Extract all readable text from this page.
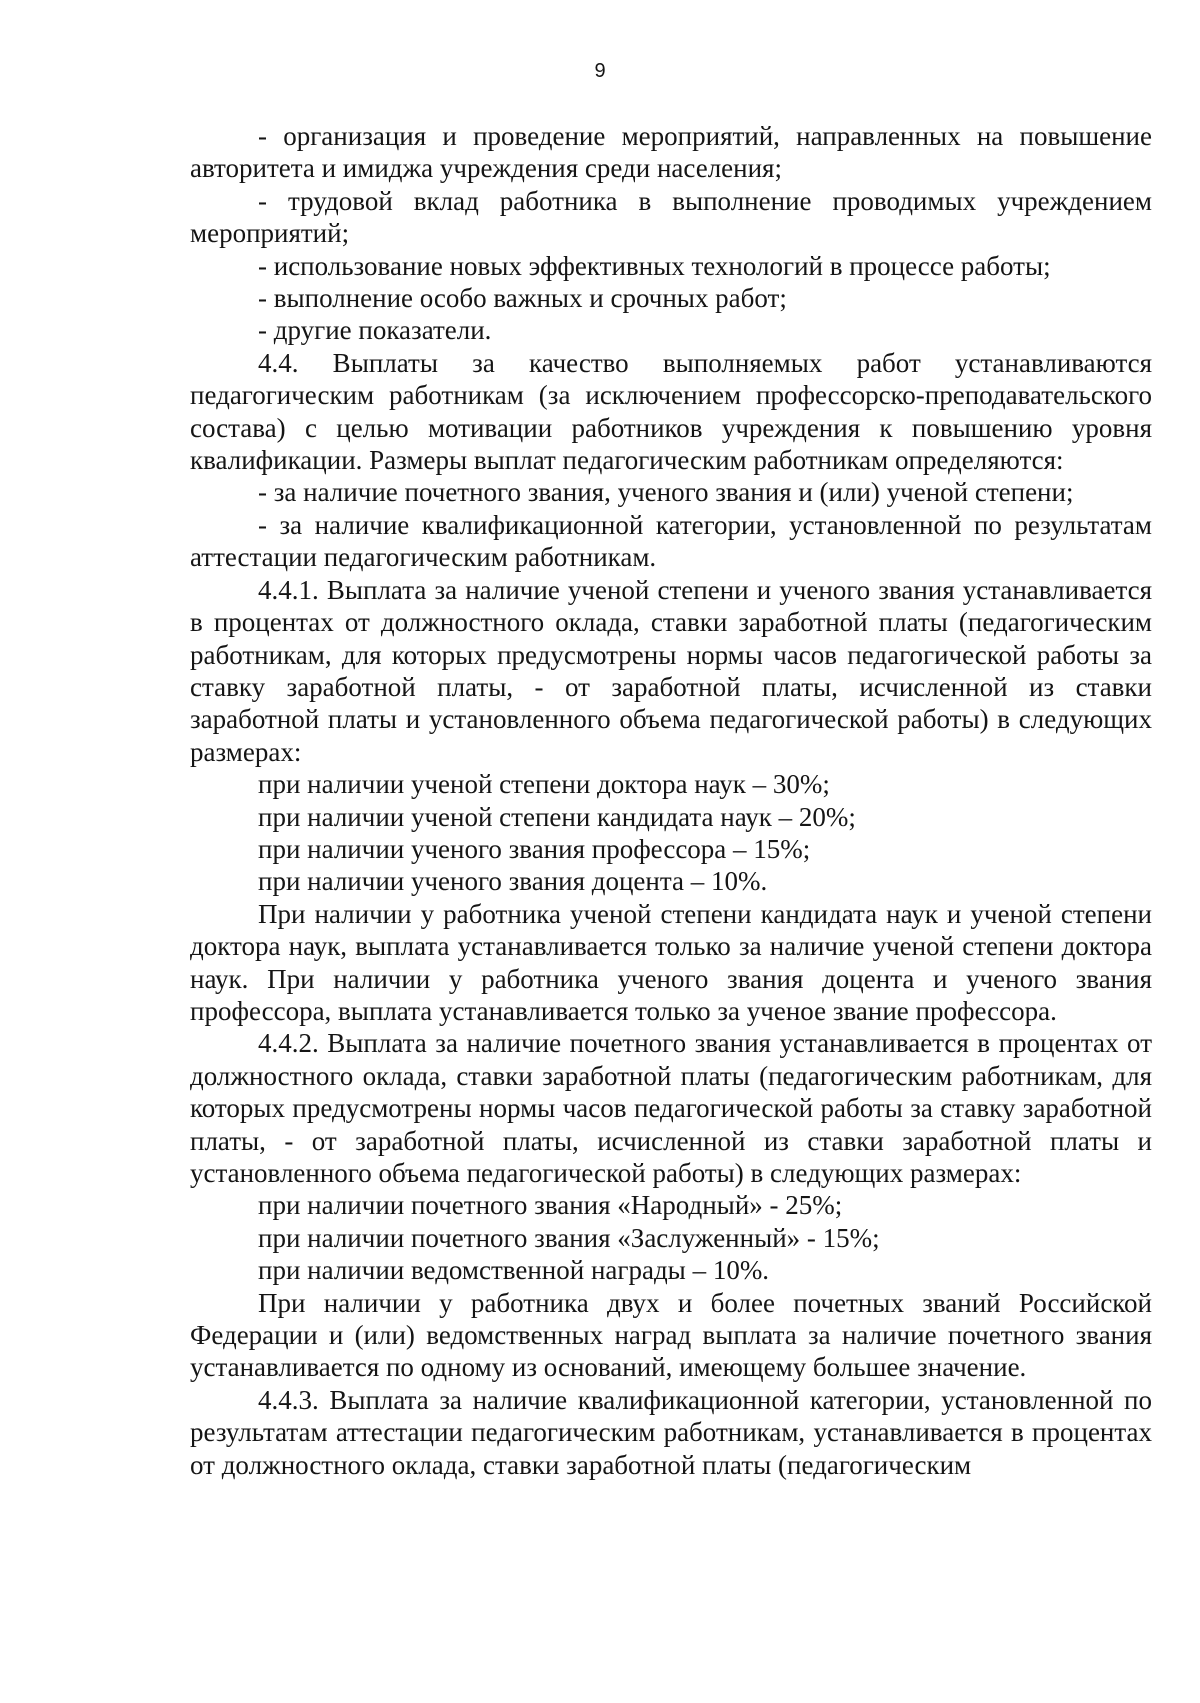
9

- организация и проведение мероприятий, направленных на повышение авторитета и имиджа учреждения среди населения;

- трудовой вклад работника в выполнение проводимых учреждением мероприятий;

- использование новых эффективных технологий в процессе работы;

- выполнение особо важных и срочных работ;

- другие показатели.

4.4. Выплаты за качество выполняемых работ устанавливаются педагогическим работникам (за исключением профессорско-преподавательского состава) с целью мотивации работников учреждения к повышению уровня квалификации. Размеры выплат педагогическим работникам определяются:

- за наличие почетного звания, ученого звания и (или) ученой степени;

- за наличие квалификационной категории, установленной по результатам аттестации педагогическим работникам.

4.4.1. Выплата за наличие ученой степени и ученого звания устанавливается в процентах от должностного оклада, ставки заработной платы (педагогическим работникам, для которых предусмотрены нормы часов педагогической работы за ставку заработной платы, - от заработной платы, исчисленной из ставки заработной платы и установленного объема педагогической работы) в следующих размерах:

при наличии ученой степени доктора наук – 30%;

при наличии ученой степени кандидата наук – 20%;

при наличии ученого звания профессора – 15%;

при наличии ученого звания доцента – 10%.

При наличии у работника ученой степени кандидата наук и ученой степени доктора наук, выплата устанавливается только за наличие ученой степени доктора наук. При наличии у работника ученого звания доцента и ученого звания профессора, выплата устанавливается только за ученое звание профессора.

4.4.2. Выплата за наличие почетного звания устанавливается в процентах от должностного оклада, ставки заработной платы (педагогическим работникам, для которых предусмотрены нормы часов педагогической работы за ставку заработной платы, - от заработной платы, исчисленной из ставки заработной платы и установленного объема педагогической работы) в следующих размерах:

при наличии почетного звания «Народный» - 25%;

при наличии почетного звания «Заслуженный» - 15%;

при наличии ведомственной награды – 10%.

При наличии у работника двух и более почетных званий Российской Федерации и (или) ведомственных наград выплата за наличие почетного звания устанавливается по одному из оснований, имеющему большее значение.

4.4.3. Выплата за наличие квалификационной категории, установленной по результатам аттестации педагогическим работникам, устанавливается в процентах от должностного оклада, ставки заработной платы (педагогическим
